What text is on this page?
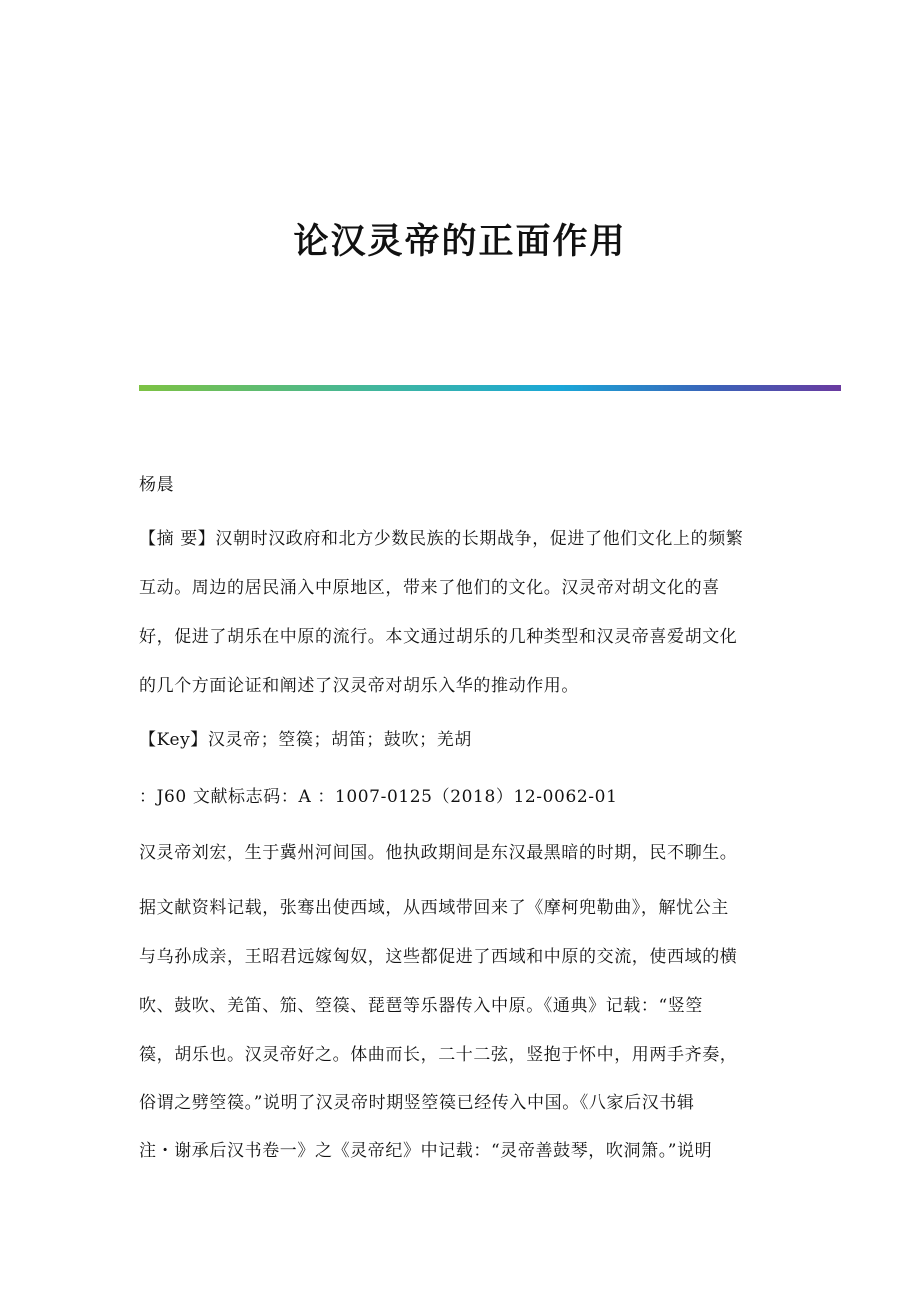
论汉灵帝的正面作用
杨晨
【摘 要】汉朝时汉政府和北方少数民族的长期战争，促进了他们文化上的频繁
互动。周边的居民涌入中原地区，带来了他们的文化。汉灵帝对胡文化的喜
好，促进了胡乐在中原的流行。本文通过胡乐的几种类型和汉灵帝喜爱胡文化
的几个方面论证和阐述了汉灵帝对胡乐入华的推动作用。
【Key】汉灵帝；箜篌；胡笛；鼓吹；羌胡
：J60 文献标志码：A ：1007-0125（2018）12-0062-01
汉灵帝刘宏，生于冀州河间国。他执政期间是东汉最黑暗的时期，民不聊生。
据文献资料记载，张骞出使西域，从西域带回来了《摩柯兜勒曲》，解忧公主
与乌孙成亲，王昭君远嫁匈奴，这些都促进了西域和中原的交流，使西域的横
吹、鼓吹、羌笛、笳、箜篌、琵琶等乐器传入中原。《通典》记载：“竖箜
篌，胡乐也。汉灵帝好之。体曲而长，二十二弦，竖抱于怀中，用两手齐奏，
俗谓之劈箜篌。”说明了汉灵帝时期竖箜篌已经传入中国。《八家后汉书辑
注・谢承后汉书卷一》之《灵帝纪》中记载：“灵帝善鼓琴，吹洞箫。”说明
